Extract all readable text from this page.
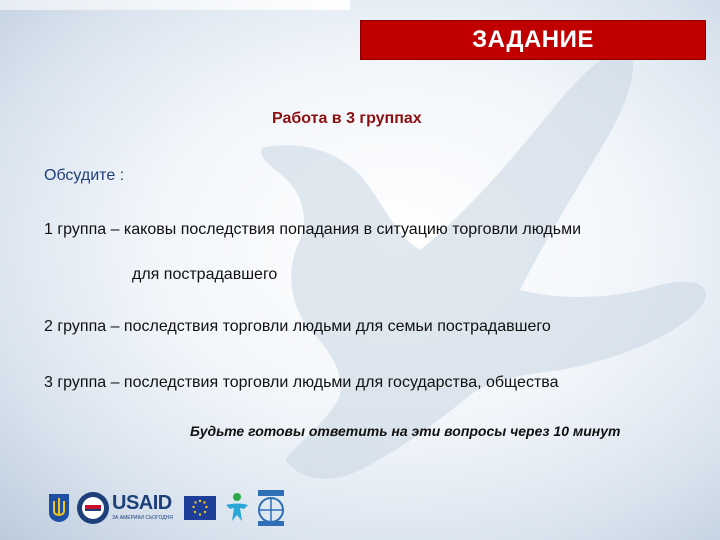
ЗАДАНИЕ
Работа в 3 группах
Обсудите :
1 группа – каковы последствия попадания в ситуацию торговли людьми
для пострадавшего
2 группа – последствия торговли людьми для семьи пострадавшего
3 группа – последствия торговли людьми для государства, общества
Будьте готовы ответить на эти вопросы через 10 минут
USAID
ЗА АМЕРИКИ СЬОГОДНЯ
